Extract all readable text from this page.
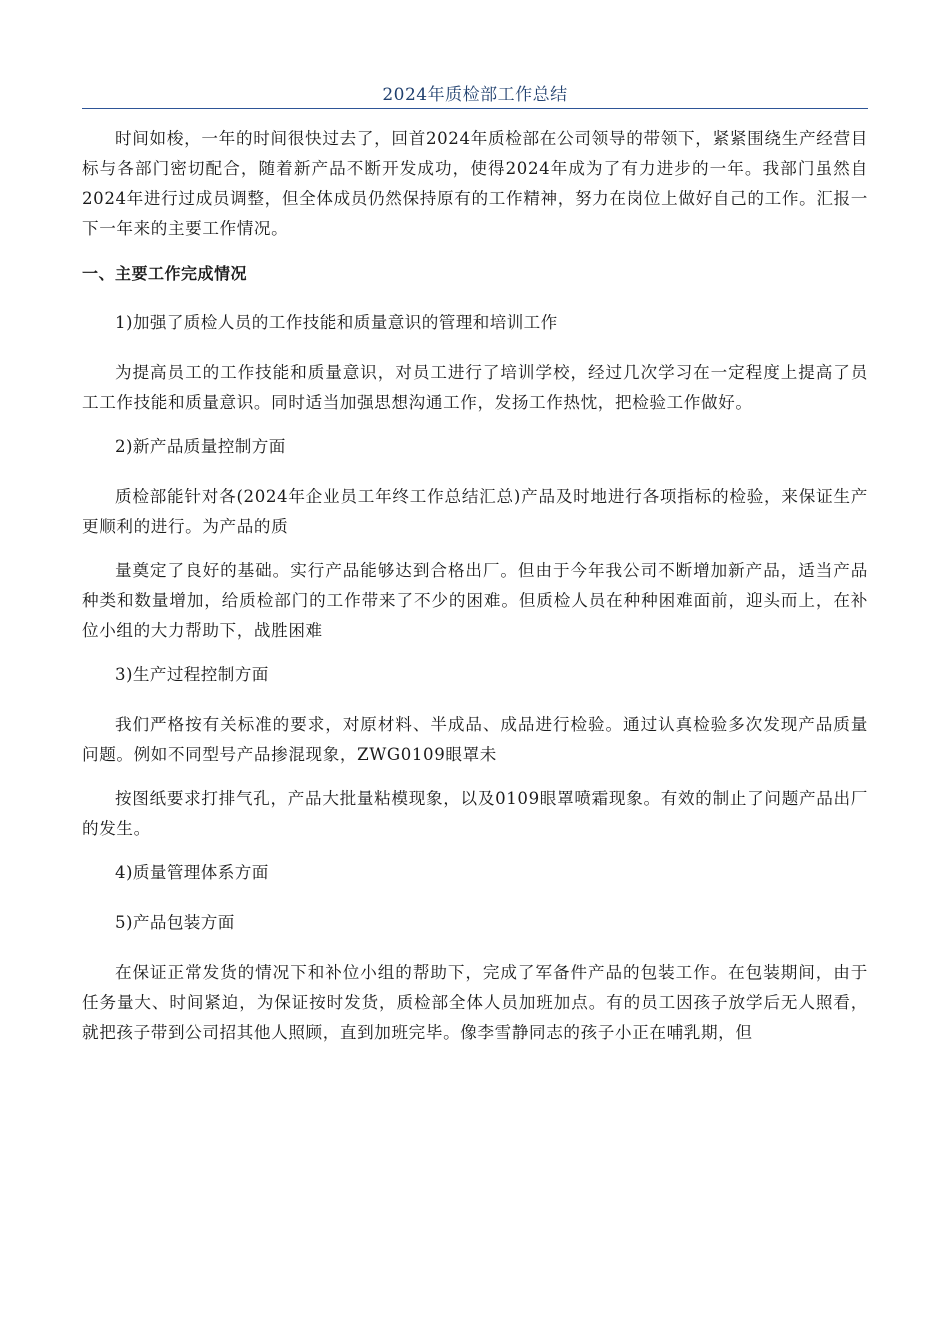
2024年质检部工作总结

时间如梭，一年的时间很快过去了，回首2024年质检部在公司领导的带领下，紧紧围绕生产经营目标与各部门密切配合，随着新产品不断开发成功，使得2024年成为了有力进步的一年。我部门虽然自2024年进行过成员调整，但全体成员仍然保持原有的工作精神，努力在岗位上做好自己的工作。汇报一下一年来的主要工作情况。

一、主要工作完成情况

1)加强了质检人员的工作技能和质量意识的管理和培训工作

为提高员工的工作技能和质量意识，对员工进行了培训学校，经过几次学习在一定程度上提高了员工工作技能和质量意识。同时适当加强思想沟通工作，发扬工作热忱，把检验工作做好。

2)新产品质量控制方面

质检部能针对各(2024年企业员工年终工作总结汇总)产品及时地进行各项指标的检验，来保证生产更顺利的进行。为产品的质

量奠定了良好的基础。实行产品能够达到合格出厂。但由于今年我公司不断增加新产品，适当产品种类和数量增加，给质检部门的工作带来了不少的困难。但质检人员在种种困难面前，迎头而上，在补位小组的大力帮助下，战胜困难

3)生产过程控制方面

我们严格按有关标准的要求，对原材料、半成品、成品进行检验。通过认真检验多次发现产品质量问题。例如不同型号产品掺混现象，ZWG0109眼罩未

按图纸要求打排气孔，产品大批量粘模现象，以及0109眼罩喷霜现象。有效的制止了问题产品出厂的发生。

4)质量管理体系方面

5)产品包装方面

在保证正常发货的情况下和补位小组的帮助下，完成了军备件产品的包装工作。在包装期间，由于任务量大、时间紧迫，为保证按时发货，质检部全体人员加班加点。有的员工因孩子放学后无人照看，就把孩子带到公司招其他人照顾，直到加班完毕。像李雪静同志的孩子小正在哺乳期，但
